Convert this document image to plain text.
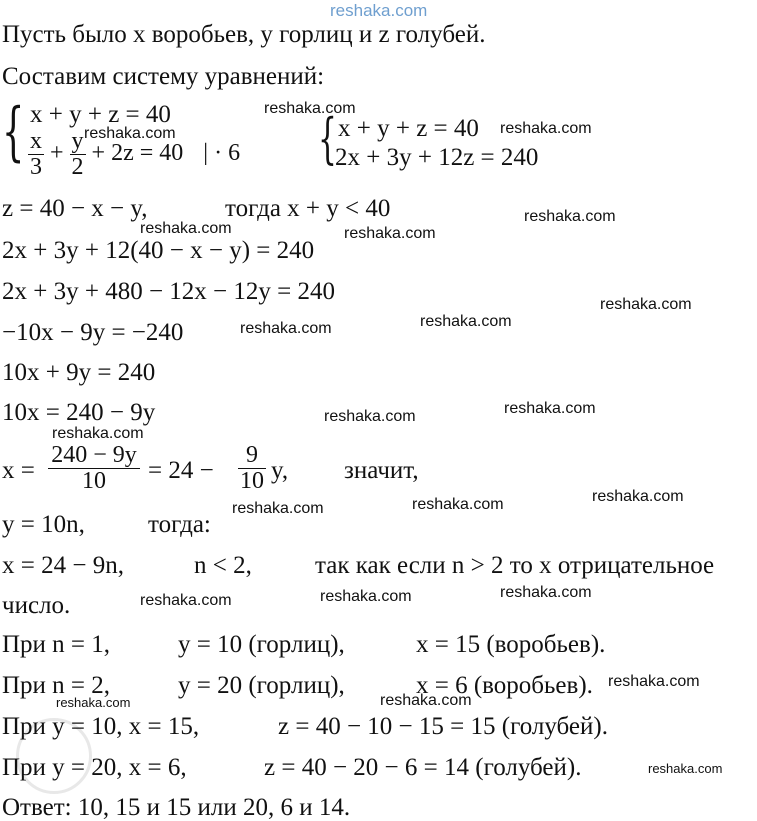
reshaka.com
Пусть было x воробьев, y горлиц и z голубей.
Составим систему уравнений:
{ x + y + z = 40
$\frac{x}{3} + \frac{y}{2} + 2z = 40$ | · 6 { x + y + z = 40
2x + 3y + 12z = 240
z = 40 − x − y,	тогда x + y < 40
2x + 3y + 12(40 − x − y) = 240
2x + 3y + 480 − 12x − 12y = 240
−10x − 9y = −240
10x + 9y = 240
10x = 240 − 9y
$x = \frac{240 - 9y}{10} = 24 - \frac{9}{10} y$, значит,
y = 10n,	тогда:
x = 24 − 9n,	n < 2,	так как если n > 2 то x отрицательное
число.
При n = 1,	y = 10 (горлиц),	x = 15 (воробьев).
При n = 2,	y = 20 (горлиц),	x = 6 (воробьев).
При y = 10, x = 15,	z = 40 − 10 − 15 = 15 (голубей).
При y = 20, x = 6,	z = 40 − 20 − 6 = 14 (голубей).
Ответ: 10, 15 и 15 или 20, 6 и 14.
reshaka.com
reshaka.com	reshaka.com
reshaka.com
reshaka.com	reshaka.com
reshaka.com
reshaka.com	reshaka.com
reshaka.com	reshaka.com
reshaka.com
reshaka.com
reshaka.com
reshaka.com
reshaka.com
reshaka.com	reshaka.com
reshaka.com
reshaka.com	reshaka.com
reshaka.com
